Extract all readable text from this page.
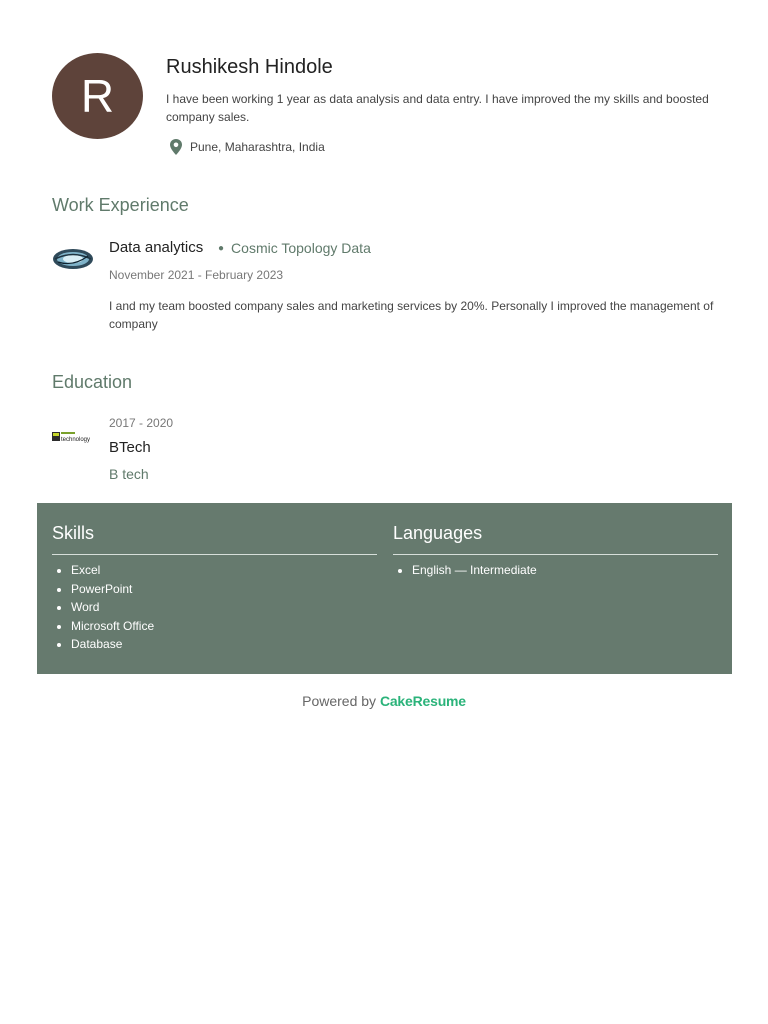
R
Rushikesh Hindole

I have been working 1 year as data analysis and data entry. I have improved the my skills and boosted company sales.

Pune, Maharashtra, India
Work Experience
Data analytics ● Cosmic Topology Data
November 2021 - February 2023

I and my team boosted company sales and marketing services by 20%. Personally I improved the management of company

Education
technology
2017 - 2020
BTech
B tech
Skills
• Excel
• PowerPoint
• Word
• Microsoft Office
• Database
Languages
• English — Intermediate
Powered by CakeResume
